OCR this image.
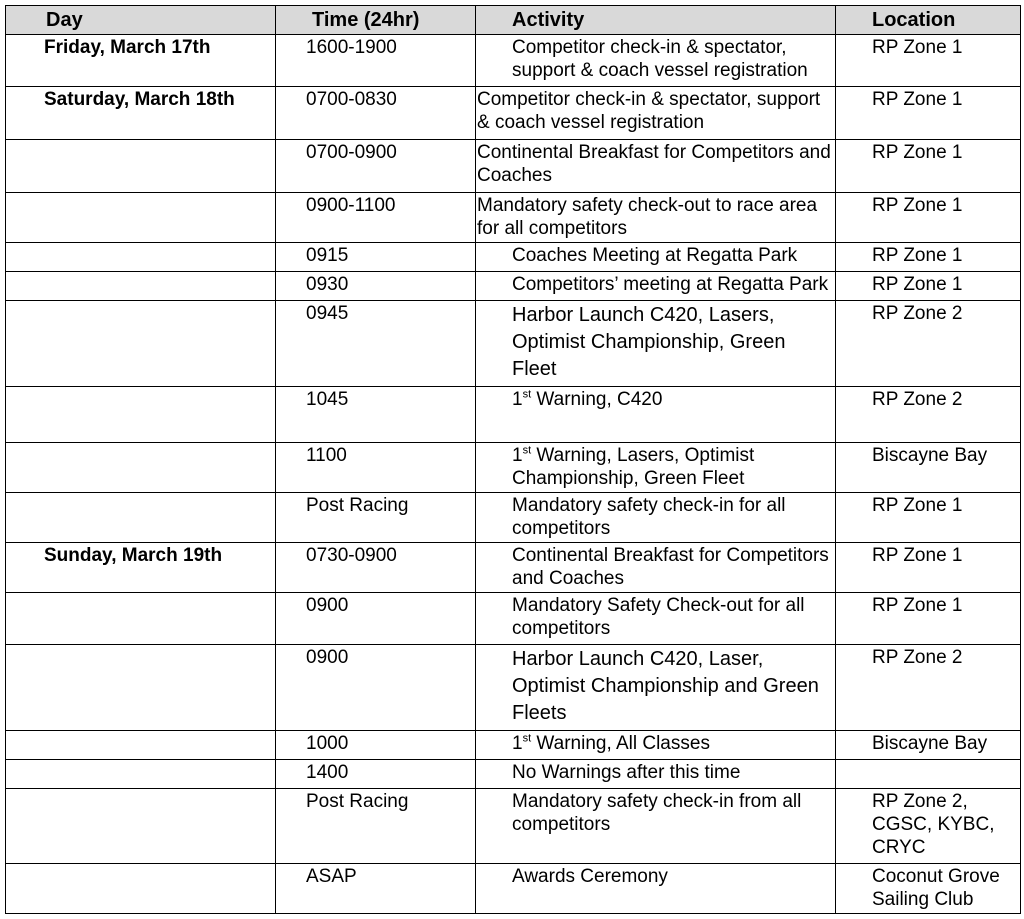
Day	Time (24hr)	Activity	Location
Friday, March 17th	1600-1900	Competitor check-in & spectator, support & coach vessel registration	RP Zone 1
Saturday, March 18th	0700-0830	Competitor check-in & spectator, support & coach vessel registration	RP Zone 1
	0700-0900	Continental Breakfast for Competitors and Coaches	RP Zone 1
	0900-1100	Mandatory safety check-out to race area for all competitors	RP Zone 1
	0915	Coaches Meeting at Regatta Park	RP Zone 1
	0930	Competitors’ meeting at Regatta Park	RP Zone 1
	0945	Harbor Launch C420, Lasers, Optimist Championship, Green Fleet	RP Zone 2
	1045	1st Warning, C420	RP Zone 2
	1100	1st Warning, Lasers, Optimist Championship, Green Fleet	Biscayne Bay
	Post Racing	Mandatory safety check-in for all competitors	RP Zone 1
Sunday, March 19th	0730-0900	Continental Breakfast for Competitors and Coaches	RP Zone 1
	0900	Mandatory Safety Check-out for all competitors	RP Zone 1
	0900	Harbor Launch C420, Laser, Optimist Championship and Green Fleets	RP Zone 2
	1000	1st Warning, All Classes	Biscayne Bay
	1400	No Warnings after this time	
	Post Racing	Mandatory safety check-in from all competitors	RP Zone 2, CGSC, KYBC, CRYC
	ASAP	Awards Ceremony	Coconut Grove Sailing Club
